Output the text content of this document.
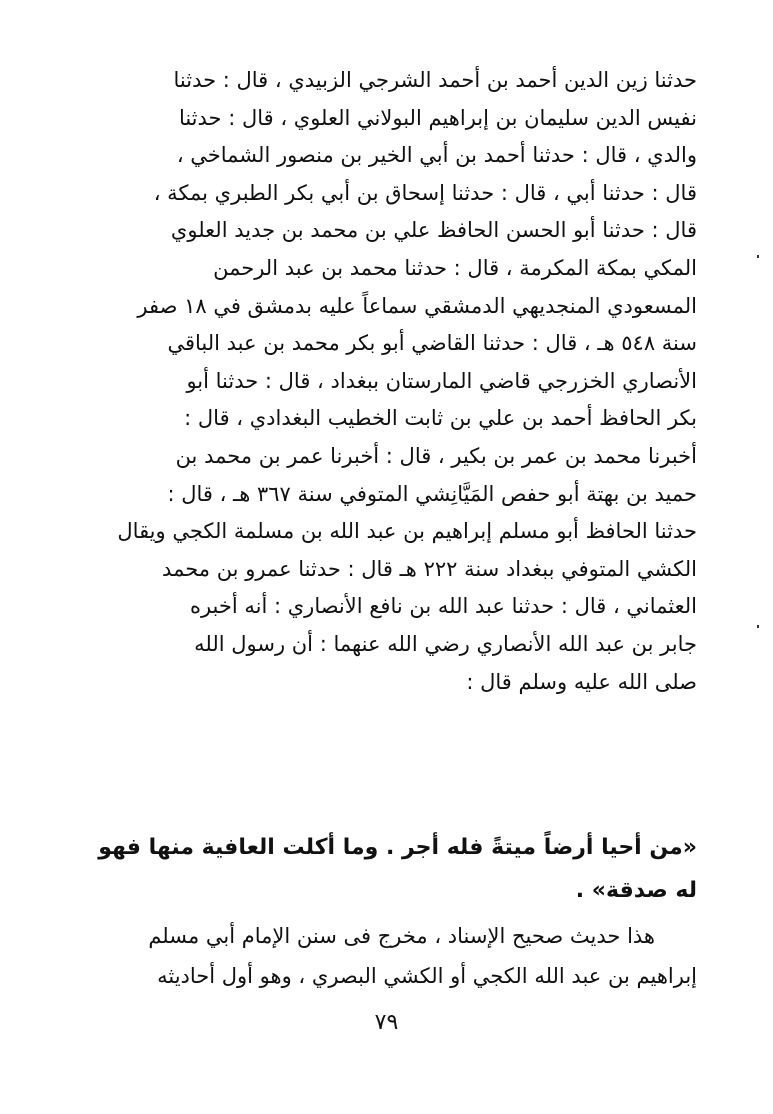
حدثنا زين الدين أحمد بن أحمد الشرجي الزبيدي ، قال : حدثنا
نفيس الدين سليمان بن إبراهيم البولاني العلوي ، قال : حدثنا
والدي ، قال : حدثنا أحمد بن أبي الخير بن منصور الشماخي ،
قال : حدثنا أبي ، قال : حدثنا إسحاق بن أبي بكر الطبري بمكة ،
قال : حدثنا أبو الحسن الحافظ علي بن محمد بن جديد العلوي
المكي بمكة المكرمة ، قال : حدثنا محمد بن عبد الرحمن
المسعودي المنجديهي الدمشقي سماعاً عليه بدمشق في ١٨ صفر
سنة ٥٤٨ هـ ، قال : حدثنا القاضي أبو بكر محمد بن عبد الباقي
الأنصاري الخزرجي قاضي المارستان ببغداد ، قال : حدثنا أبو
بكر الحافظ أحمد بن علي بن ثابت الخطيب البغدادي ، قال :
أخبرنا محمد بن عمر بن بكير ، قال : أخبرنا عمر بن محمد بن
حميد بن بهتة أبو حفص المَيَّانِشي المتوفي سنة ٣٦٧ هـ ، قال :
حدثنا الحافظ أبو مسلم إبراهيم بن عبد الله بن مسلمة الكجي ويقال
الكشي المتوفي ببغداد سنة ٢٢٢ هـ قال : حدثنا عمرو بن محمد
العثماني ، قال : حدثنا عبد الله بن نافع الأنصاري : أنه أخبره
جابر بن عبد الله الأنصاري رضي الله عنهما : أن رسول الله
صلى الله عليه وسلم قال :
«من أحيا أرضاً ميتةً فله أجر . وما أكلت العافية منها فهو
له صدقة» .
هذا حديث صحيح الإسناد ، مخرج فى سنن الإمام أبي مسلم
إبراهيم بن عبد الله الكجي أو الكشي البصري ، وهو أول أحاديثه
٧٩
